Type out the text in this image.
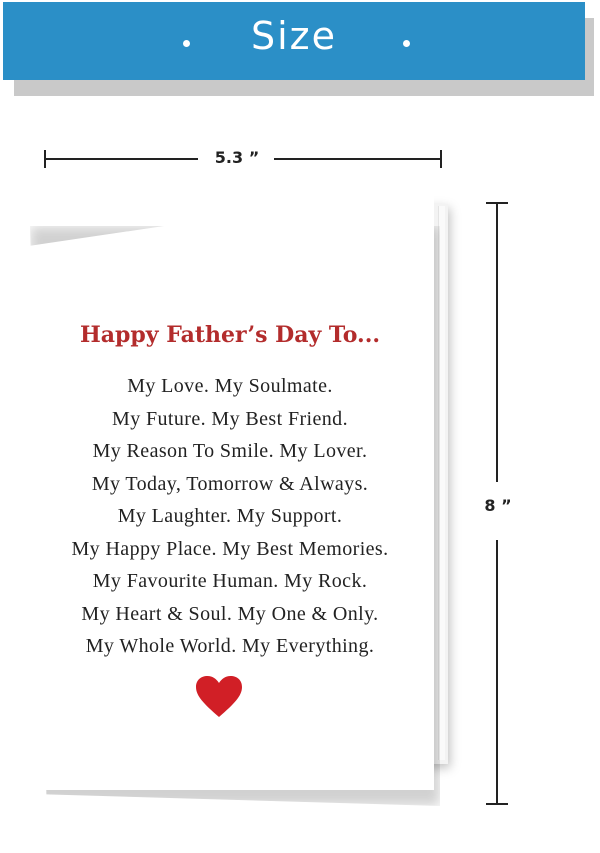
Size
5.3 ”
8 ”
Happy Father’s Day To...
My Love. My Soulmate.
My Future. My Best Friend.
My Reason To Smile. My Lover.
My Today, Tomorrow & Always.
My Laughter. My Support.
My Happy Place. My Best Memories.
My Favourite Human. My Rock.
My Heart & Soul. My One & Only.
My Whole World. My Everything.
